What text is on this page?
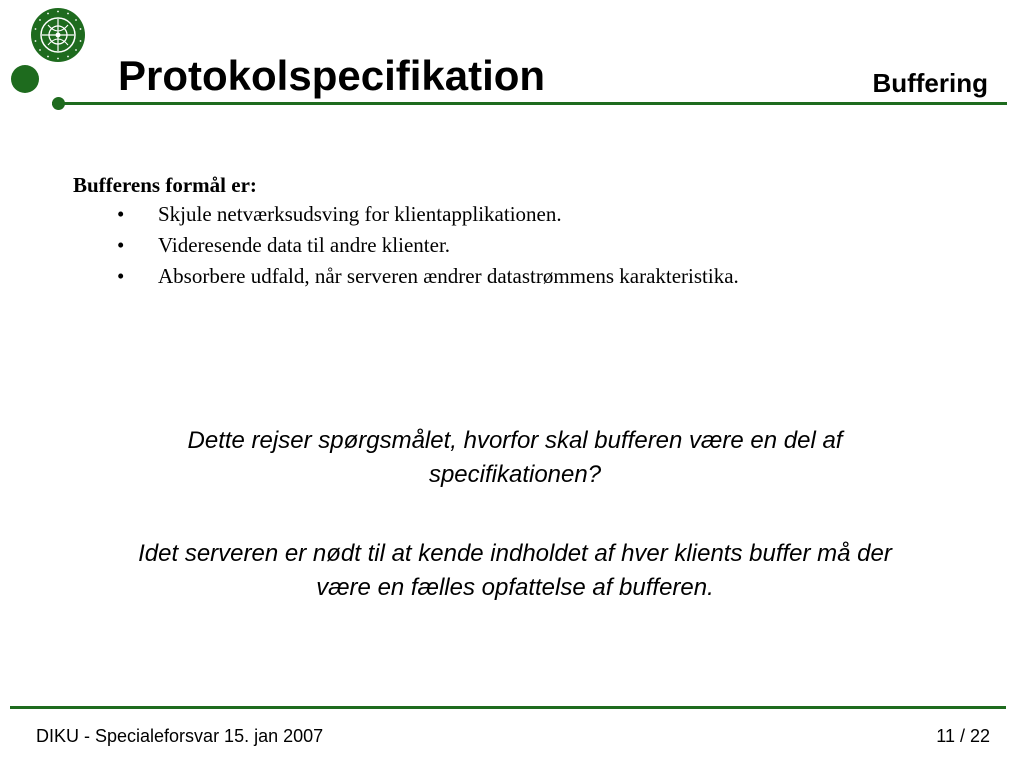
Protokolspecifikation	Buffering
Bufferens formål er:
• Skjule netværksudsving for klientapplikationen.
• Videresende data til andre klienter.
• Absorbere udfald, når serveren ændrer datastrømmens karakteristika.
Dette rejser spørgsmålet, hvorfor skal bufferen være en del af
specifikationen?
Idet serveren er nødt til at kende indholdet af hver klients buffer må der
være en fælles opfattelse af bufferen.
DIKU - Specialeforsvar 15. jan 2007	11 / 22
